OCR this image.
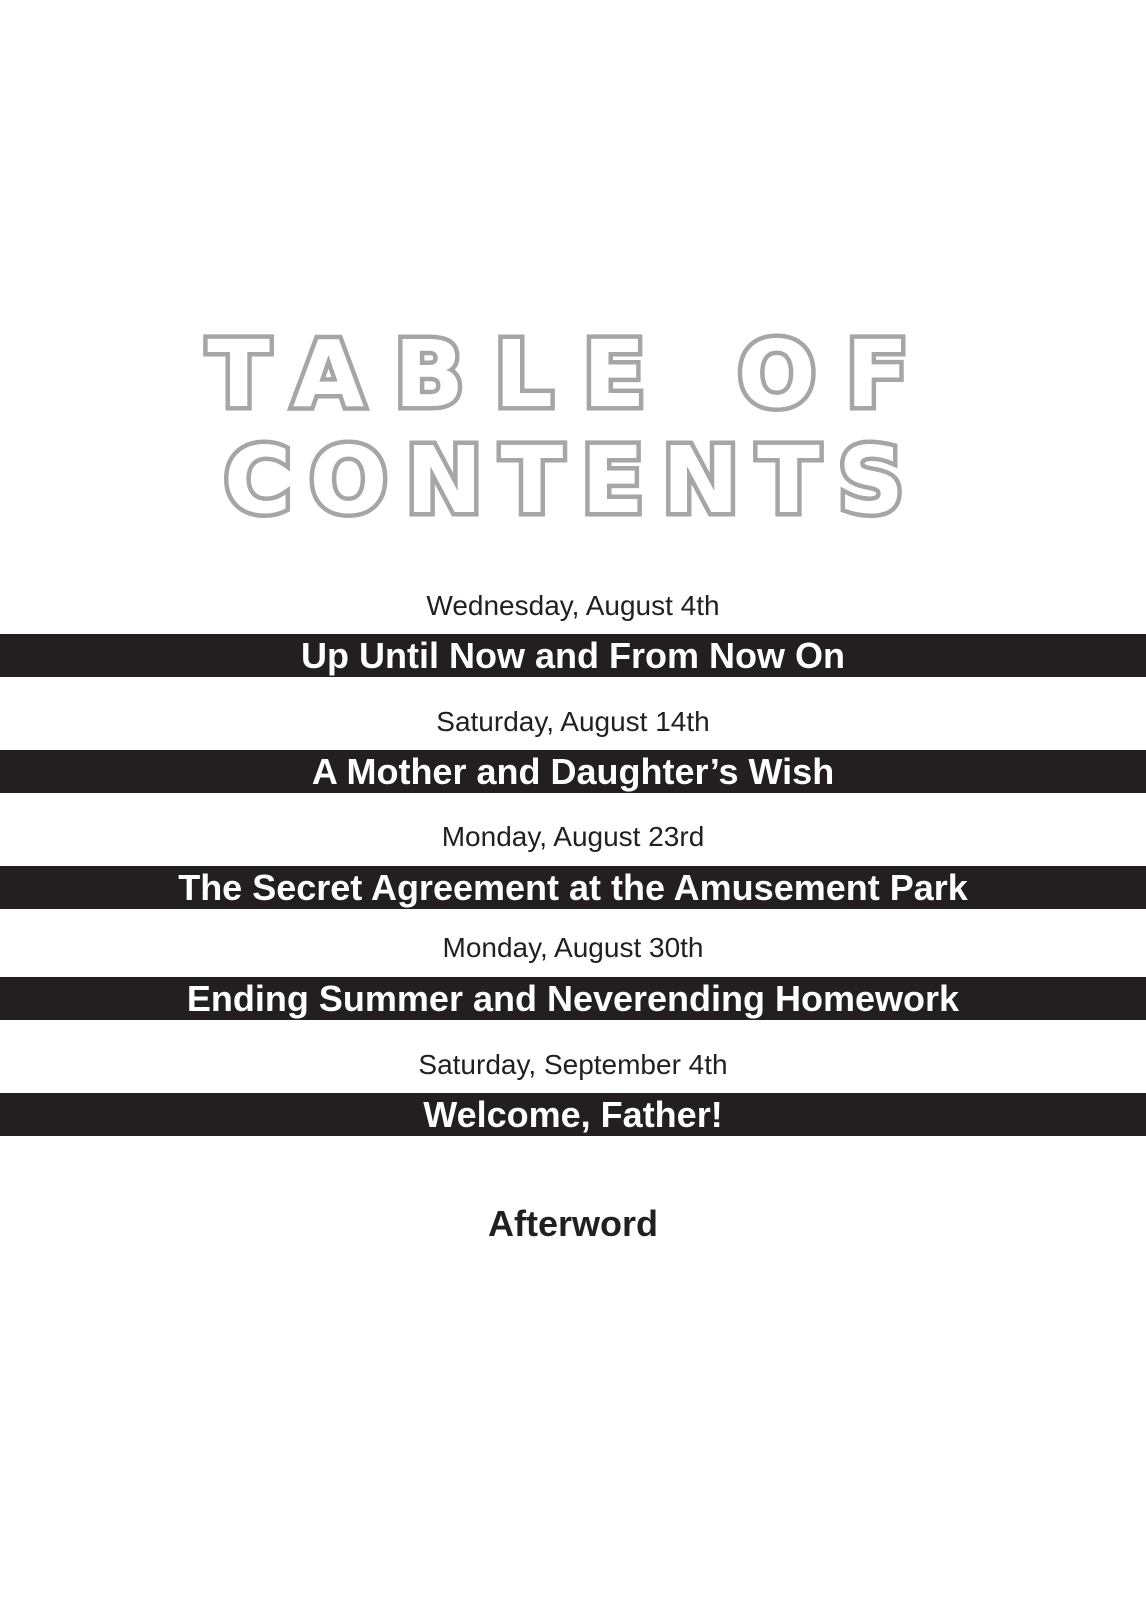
TABLE OF
CONTENTS
Wednesday, August 4th
Up Until Now and From Now On
Saturday, August 14th
A Mother and Daughter’s Wish
Monday, August 23rd
The Secret Agreement at the Amusement Park
Monday, August 30th
Ending Summer and Neverending Homework
Saturday, September 4th
Welcome, Father!
Afterword
